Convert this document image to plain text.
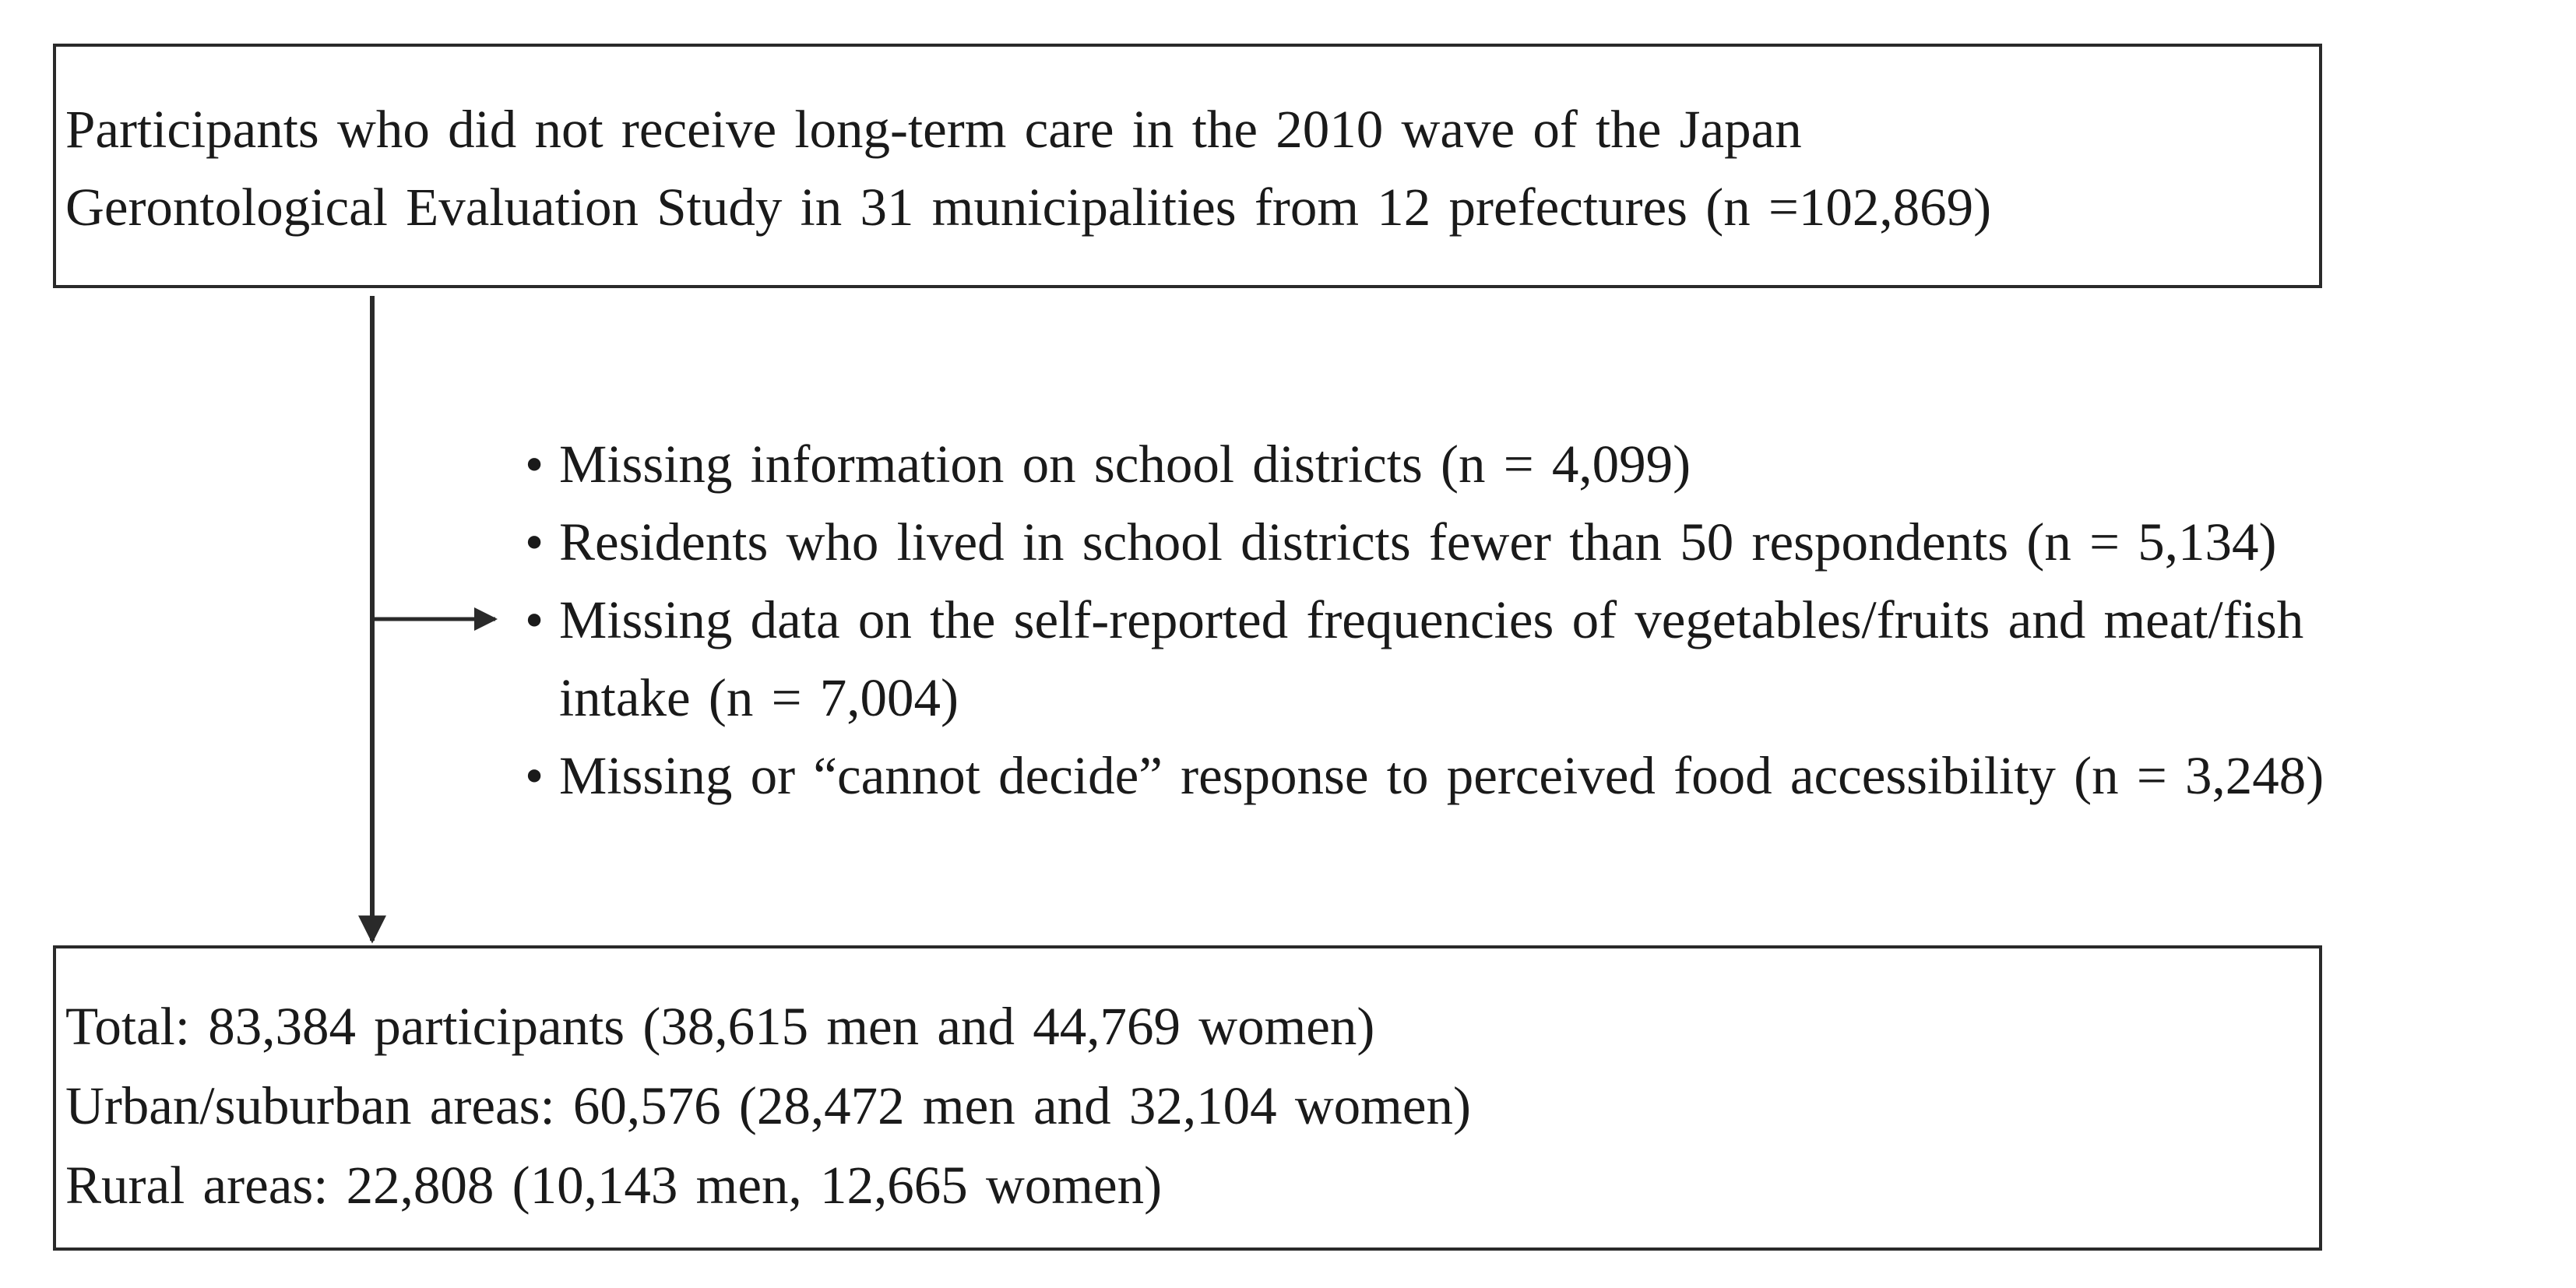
Participants who did not receive long-term care in the 2010 wave of the Japan
Gerontological Evaluation Study in 31 municipalities from 12 prefectures (n =102,869)
• Missing information on school districts (n = 4,099)
• Residents who lived in school districts fewer than 50 respondents (n = 5,134)
• Missing data on the self-reported frequencies of vegetables/fruits and meat/fish
intake (n = 7,004)
• Missing or “cannot decide” response to perceived food accessibility (n = 3,248)
Total: 83,384 participants (38,615 men and 44,769 women)
Urban/suburban areas: 60,576 (28,472 men and 32,104 women)
Rural areas: 22,808 (10,143 men, 12,665 women)
